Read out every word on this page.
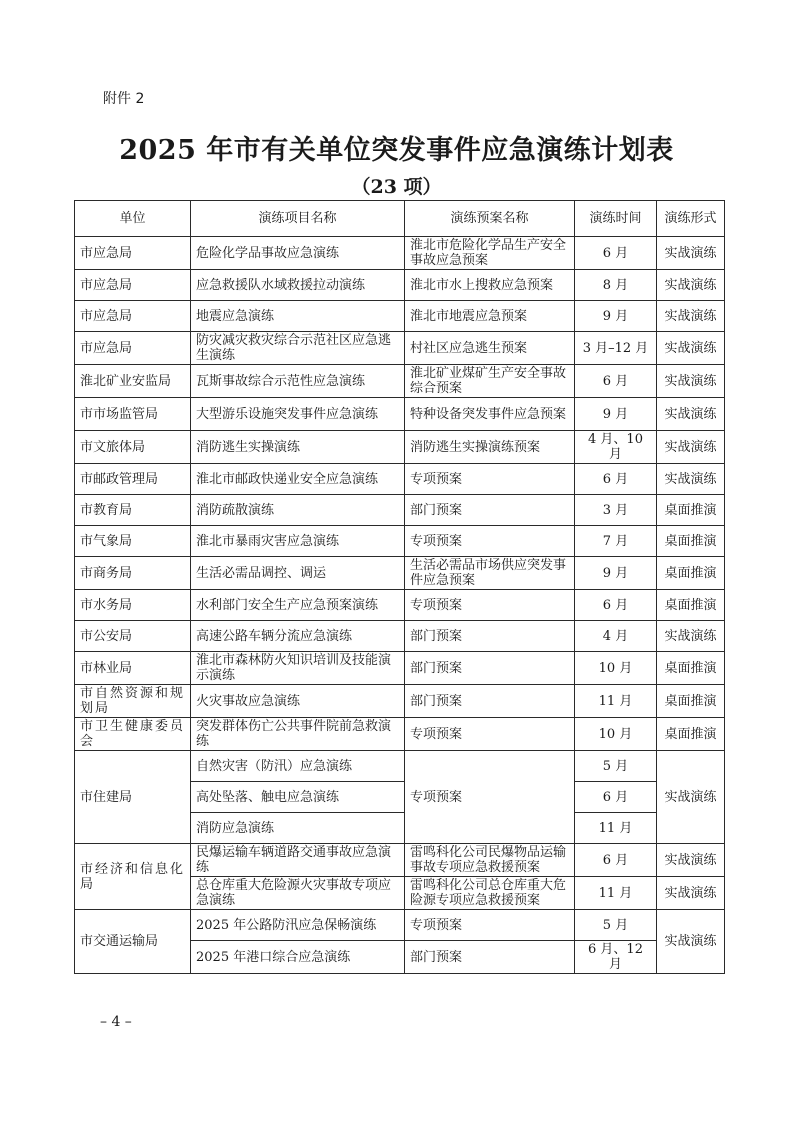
附件 2
2025 年市有关单位突发事件应急演练计划表
（23 项）
单位	演练项目名称	演练预案名称	演练时间	演练形式
市应急局	危险化学品事故应急演练	淮北市危险化学品生产安全事故应急预案	6 月	实战演练
市应急局	应急救援队水域救援拉动演练	淮北市水上搜救应急预案	8 月	实战演练
市应急局	地震应急演练	淮北市地震应急预案	9 月	实战演练
市应急局	防灾减灾救灾综合示范社区应急逃生演练	村社区应急逃生预案	3 月–12 月	实战演练
淮北矿业安监局	瓦斯事故综合示范性应急演练	淮北矿业煤矿生产安全事故综合预案	6 月	实战演练
市市场监管局	大型游乐设施突发事件应急演练	特种设备突发事件应急预案	9 月	实战演练
市文旅体局	消防逃生实操演练	消防逃生实操演练预案	4 月、10 月	实战演练
市邮政管理局	淮北市邮政快递业安全应急演练	专项预案	6 月	实战演练
市教育局	消防疏散演练	部门预案	3 月	桌面推演
市气象局	淮北市暴雨灾害应急演练	专项预案	7 月	桌面推演
市商务局	生活必需品调控、调运	生活必需品市场供应突发事件应急预案	9 月	桌面推演
市水务局	水利部门安全生产应急预案演练	专项预案	6 月	桌面推演
市公安局	高速公路车辆分流应急演练	部门预案	4 月	实战演练
市林业局	淮北市森林防火知识培训及技能演示演练	部门预案	10 月	桌面推演
市自然资源和规划局	火灾事故应急演练	部门预案	11 月	桌面推演
市卫生健康委员会	突发群体伤亡公共事件院前急救演练	专项预案	10 月	桌面推演
市住建局	自然灾害（防汛）应急演练	专项预案	5 月	实战演练
	高处坠落、触电应急演练		6 月	
	消防应急演练		11 月	
市经济和信息化局	民爆运输车辆道路交通事故应急演练	雷鸣科化公司民爆物品运输事故专项应急救援预案	6 月	实战演练
	总仓库重大危险源火灾事故专项应急演练	雷鸣科化公司总仓库重大危险源专项应急救援预案	11 月	实战演练
市交通运输局	2025 年公路防汛应急保畅演练	专项预案	5 月	实战演练
	2025 年港口综合应急演练	部门预案	6 月、12 月	
– 4 –
